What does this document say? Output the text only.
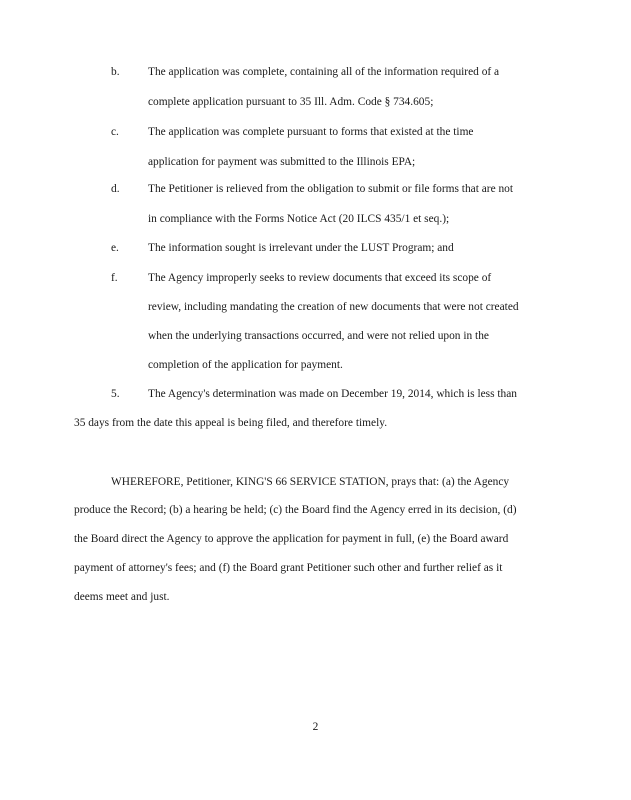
b. The application was complete, containing all of the information required of a
complete application pursuant to 35 Ill. Adm. Code § 734.605;
c.	The application was complete pursuant to forms that existed at the time
application for payment was submitted to the Illinois EPA;
d. The Petitioner is relieved from the obligation to submit or file forms that are not
in compliance with the Forms Notice Act (20 ILCS 435/1 et seq.);
e.	The information sought is irrelevant under the LUST Program; and
f.	The Agency improperly seeks to review documents that exceed its scope of
review, including mandating the creation of new documents that were not created
when the underlying transactions occurred, and were not relied upon in the
completion of the application for payment.
5. The Agency's determination was made on December 19, 2014, which is less than
35 days from the date this appeal is being filed, and therefore timely.
WHEREFORE, Petitioner, KING'S 66 SERVICE STATION, prays that: (a) the Agency
produce the Record; (b) a hearing be held; (c) the Board find the Agency erred in its decision, (d)
the Board direct the Agency to approve the application for payment in full, (e) the Board award
payment of attorney's fees; and (f) the Board grant Petitioner such other and further relief as it
deems meet and just.
2
